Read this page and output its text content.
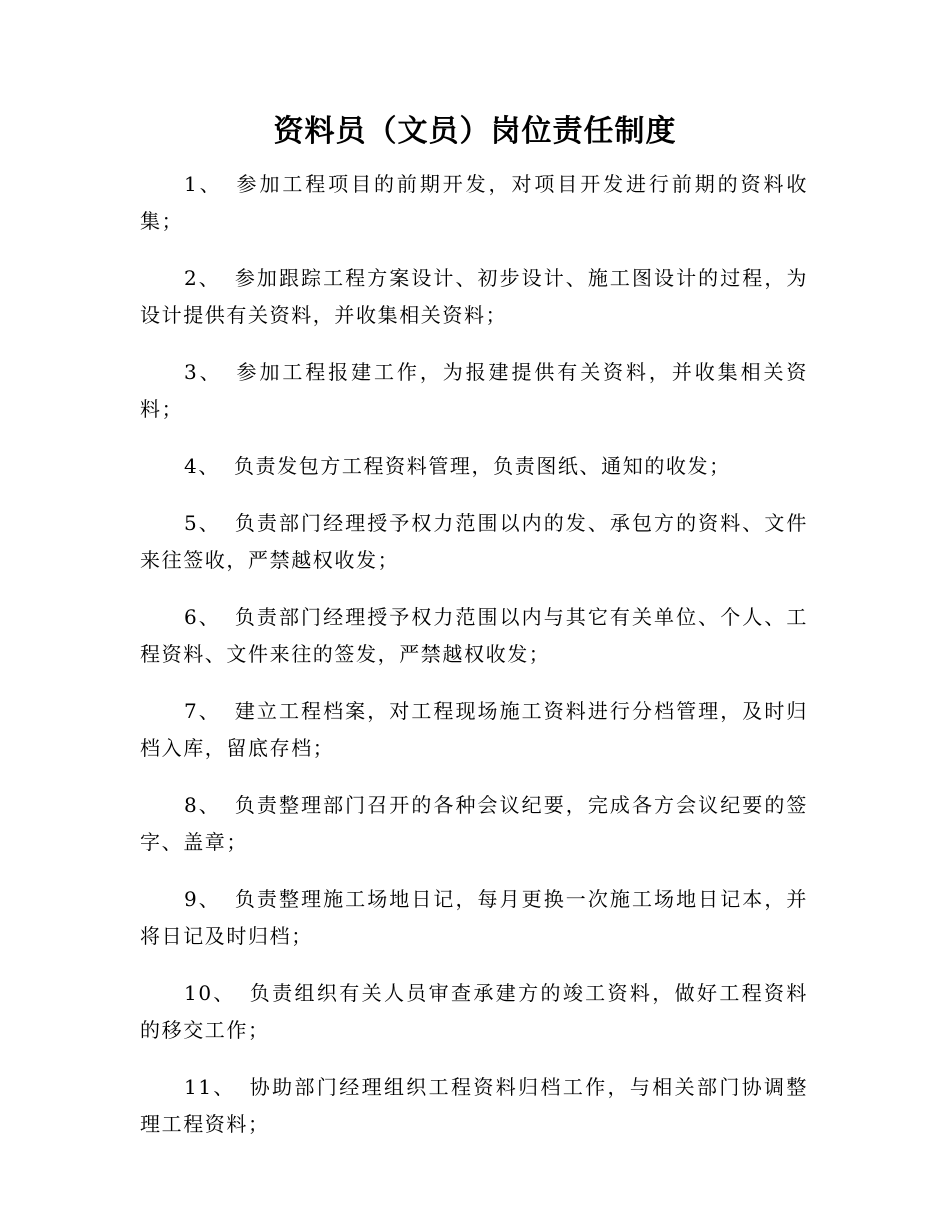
资料员（文员）岗位责任制度

1、 参加工程项目的前期开发，对项目开发进行前期的资料收集；

2、 参加跟踪工程方案设计、初步设计、施工图设计的过程，为设计提供有关资料，并收集相关资料；

3、 参加工程报建工作，为报建提供有关资料，并收集相关资料；

4、 负责发包方工程资料管理，负责图纸、通知的收发；

5、 负责部门经理授予权力范围以内的发、承包方的资料、文件来往签收，严禁越权收发；

6、 负责部门经理授予权力范围以内与其它有关单位、个人、工程资料、文件来往的签发，严禁越权收发；

7、 建立工程档案，对工程现场施工资料进行分档管理，及时归档入库，留底存档；

8、 负责整理部门召开的各种会议纪要，完成各方会议纪要的签字、盖章；

9、 负责整理施工场地日记，每月更换一次施工场地日记本，并将日记及时归档；

10、 负责组织有关人员审查承建方的竣工资料，做好工程资料的移交工作；

11、 协助部门经理组织工程资料归档工作，与相关部门协调整理工程资料；
